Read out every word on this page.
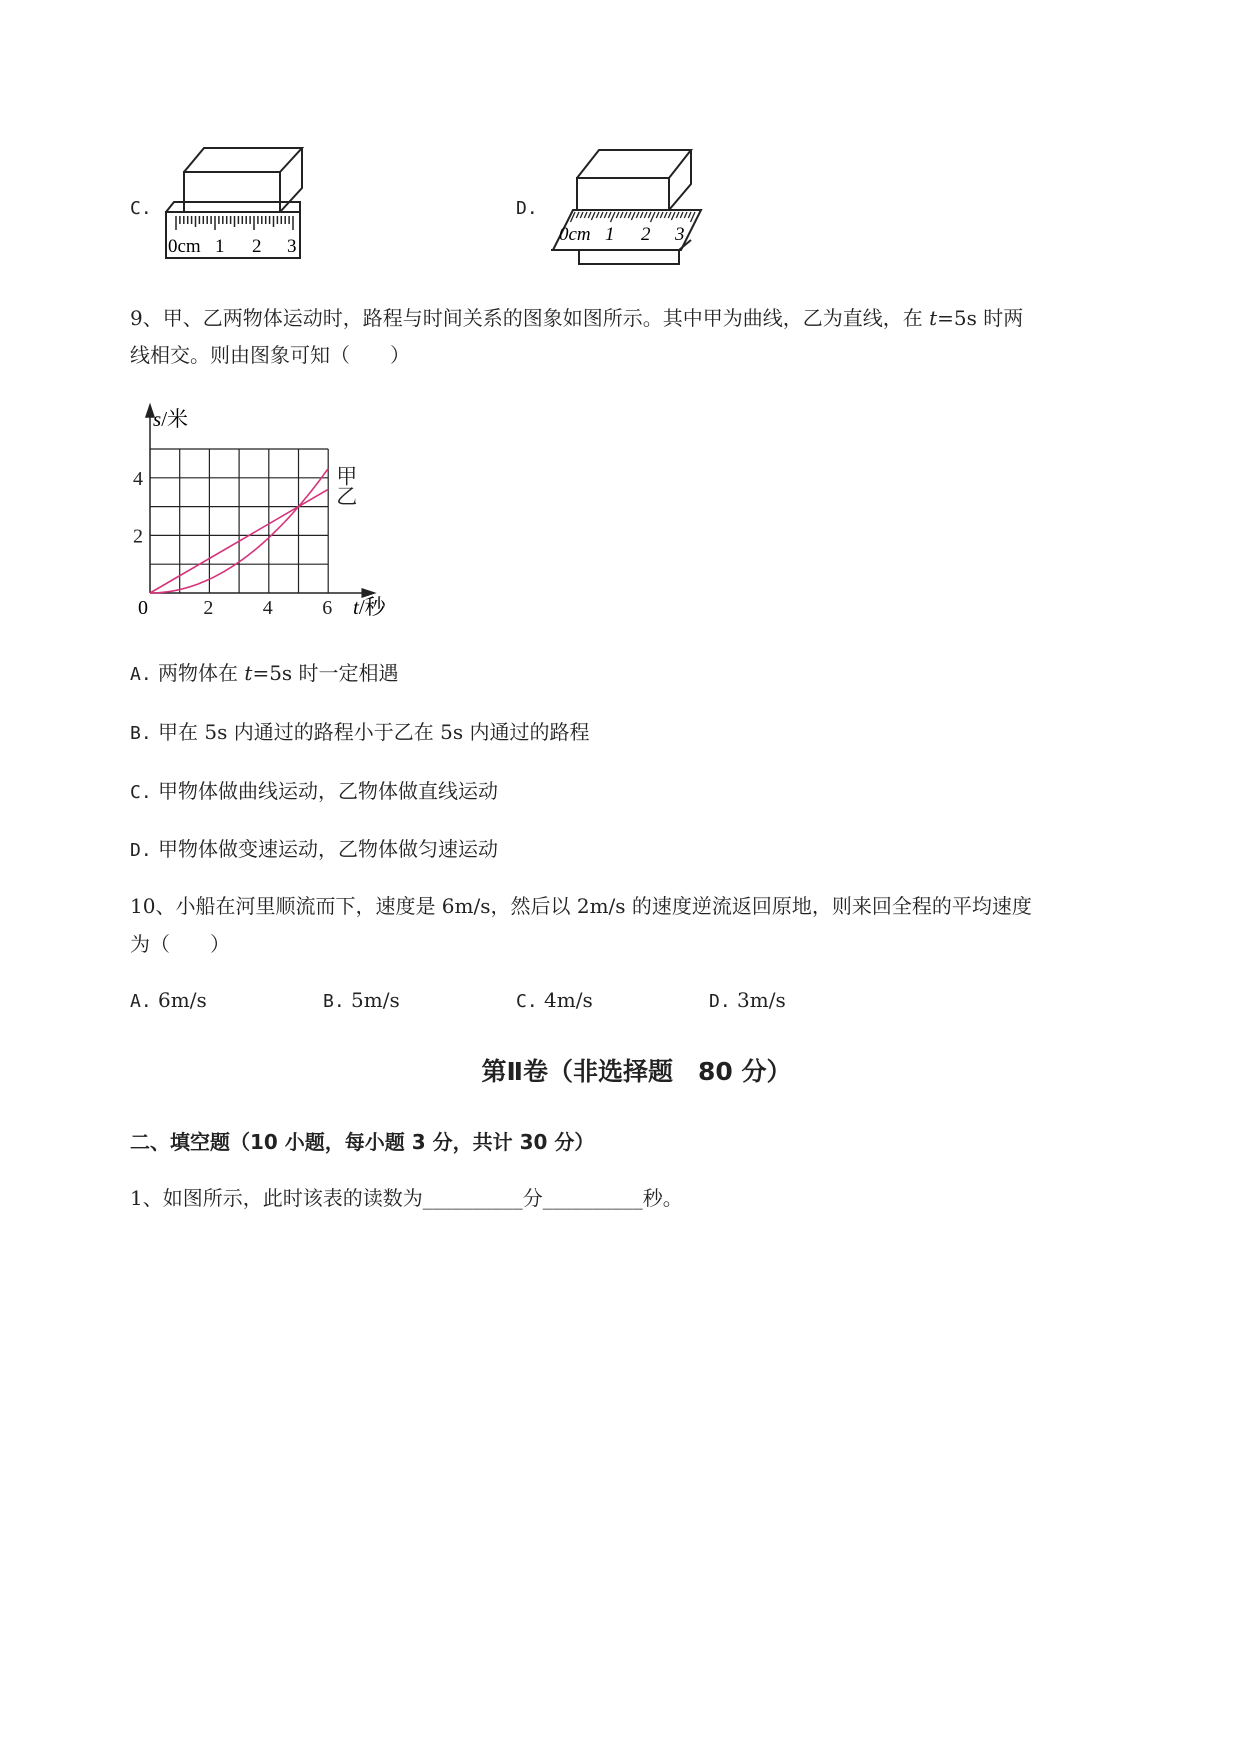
C.
0cm 1 2 3
D.
0cm 1 2 3
9、甲、乙两物体运动时，路程与时间关系的图象如图所示。其中甲为曲线，乙为直线，在 t=5s 时两
线相交。则由图象可知（　　）
2 4 6
2
4	甲
乙
s/米
t/秒
0
A. 两物体在 t=5s 时一定相遇
B. 甲在 5s 内通过的路程小于乙在 5s 内通过的路程
C. 甲物体做曲线运动，乙物体做直线运动
D. 甲物体做变速运动，乙物体做匀速运动
10、小船在河里顺流而下，速度是 6m/s，然后以 2m/s 的速度逆流返回原地，则来回全程的平均速度
为（　　）
A. 6m/s	B. 5m/s	C. 4m/s	D. 3m/s
第Ⅱ卷（非选择题　80 分）
二、填空题（10 小题，每小题 3 分，共计 30 分）
1、如图所示，此时该表的读数为__________分__________秒。
